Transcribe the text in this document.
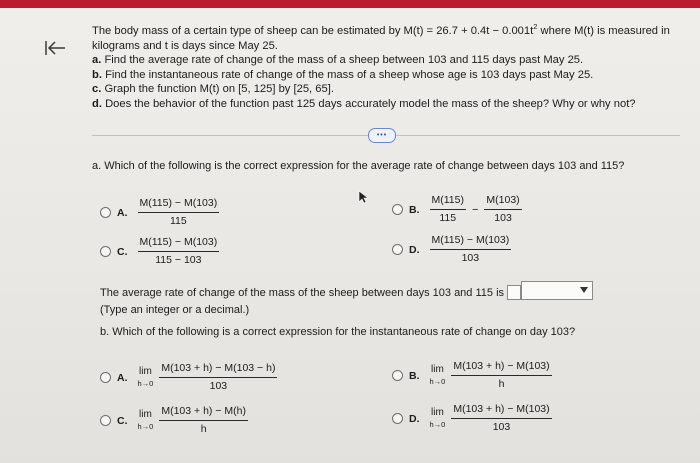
The body mass of a certain type of sheep can be estimated by $M(t) = 26.7 + 0.4t - 0.001t^2$ where M(t) is measured in

kilograms and t is days since May 25.

a. Find the average rate of change of the mass of a sheep between 103 and 115 days past May 25.

b. Find the instantaneous rate of change of the mass of a sheep whose age is 103 days past May 25.

c. Graph the function M(t) on [5, 125] by [25, 65].

d. Does the behavior of the function past 125 days accurately model the mass of the sheep? Why or why not?

•••
a. Which of the following is the correct expression for the average rate of change between days 103 and 115?
A. $\frac{M(115) - M(103)}{115}$	B. $\frac{M(115)}{115} - \frac{M(103)}{103}$
C. $\frac{M(115) - M(103)}{115 - 103}$	D. $\frac{M(115) - M(103)}{103}$
The average rate of change of the mass of the sheep between days 103 and 115 is
(Type an integer or a decimal.)
b. Which of the following is a correct expression for the instantaneous rate of change on day 103?
A.
lim
$h\to 0 \frac{M(103 + h) - M(103 - h)}{103}$	B.
lim
$h\to 0 \frac{M(103 + h) - M(103)}{h}$
C.
lim
$h\to 0 \frac{M(103 + h) - M(h)}{h}$	D.
lim
$h\to 0 \frac{M(103 + h) - M(103)}{103}$
